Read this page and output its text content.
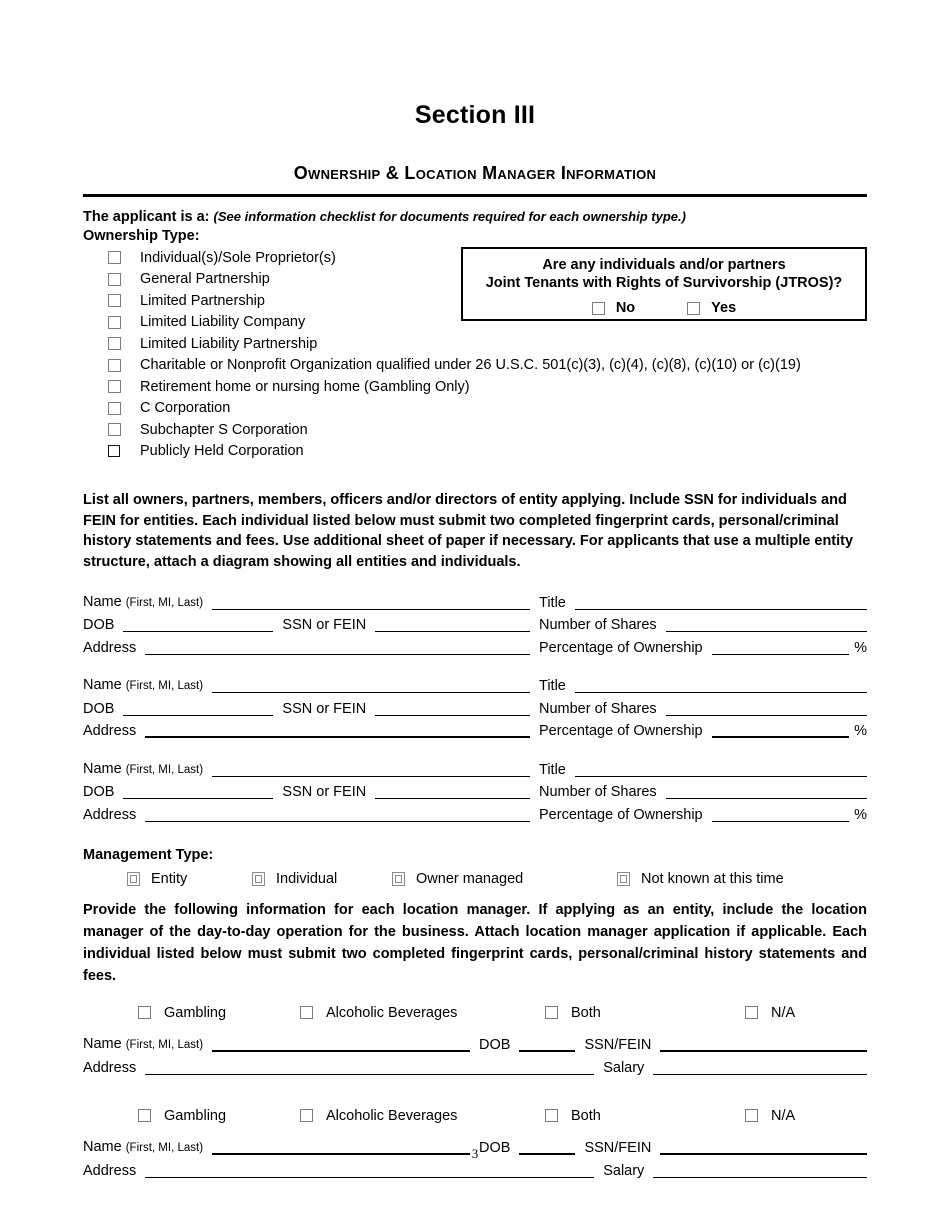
Section III
Ownership & Location Manager Information
The applicant is a: (See information checklist for documents required for each ownership type.)
Ownership Type:
Individual(s)/Sole Proprietor(s)
General Partnership
Limited Partnership
Limited Liability Company
Limited Liability Partnership
Charitable or Nonprofit Organization qualified under 26 U.S.C. 501(c)(3), (c)(4), (c)(8), (c)(10) or (c)(19)
Retirement home or nursing home (Gambling Only)
C Corporation
Subchapter S Corporation
Publicly Held Corporation
Are any individuals and/or partners
Joint Tenants with Rights of Survivorship (JTROS)?
No	Yes
List all owners, partners, members, officers and/or directors of entity applying. Include SSN for individuals and FEIN for entities. Each individual listed below must submit two completed fingerprint cards, personal/criminal history statements and fees. Use additional sheet of paper if necessary. For applicants that use a multiple entity structure, attach a diagram showing all entities and individuals.
Name (First, MI, Last)	Title
DOB	SSN or FEIN	Number of Shares
Address	Percentage of Ownership	%
Name (First, MI, Last)	Title
DOB	SSN or FEIN	Number of Shares
Address	Percentage of Ownership	%
Name (First, MI, Last)	Title
DOB	SSN or FEIN	Number of Shares
Address	Percentage of Ownership	%
Management Type:
Entity	Individual	Owner managed	Not known at this time
Provide the following information for each location manager. If applying as an entity, include the location manager of the day-to-day operation for the business. Attach location manager application if applicable. Each individual listed below must submit two completed fingerprint cards, personal/criminal history statements and fees.
Gambling	Alcoholic Beverages	Both	N/A
Name (First, MI, Last)	DOB	SSN/FEIN
Address	Salary
Gambling	Alcoholic Beverages	Both	N/A
Name (First, MI, Last)	DOB	SSN/FEIN
Address	Salary
3
